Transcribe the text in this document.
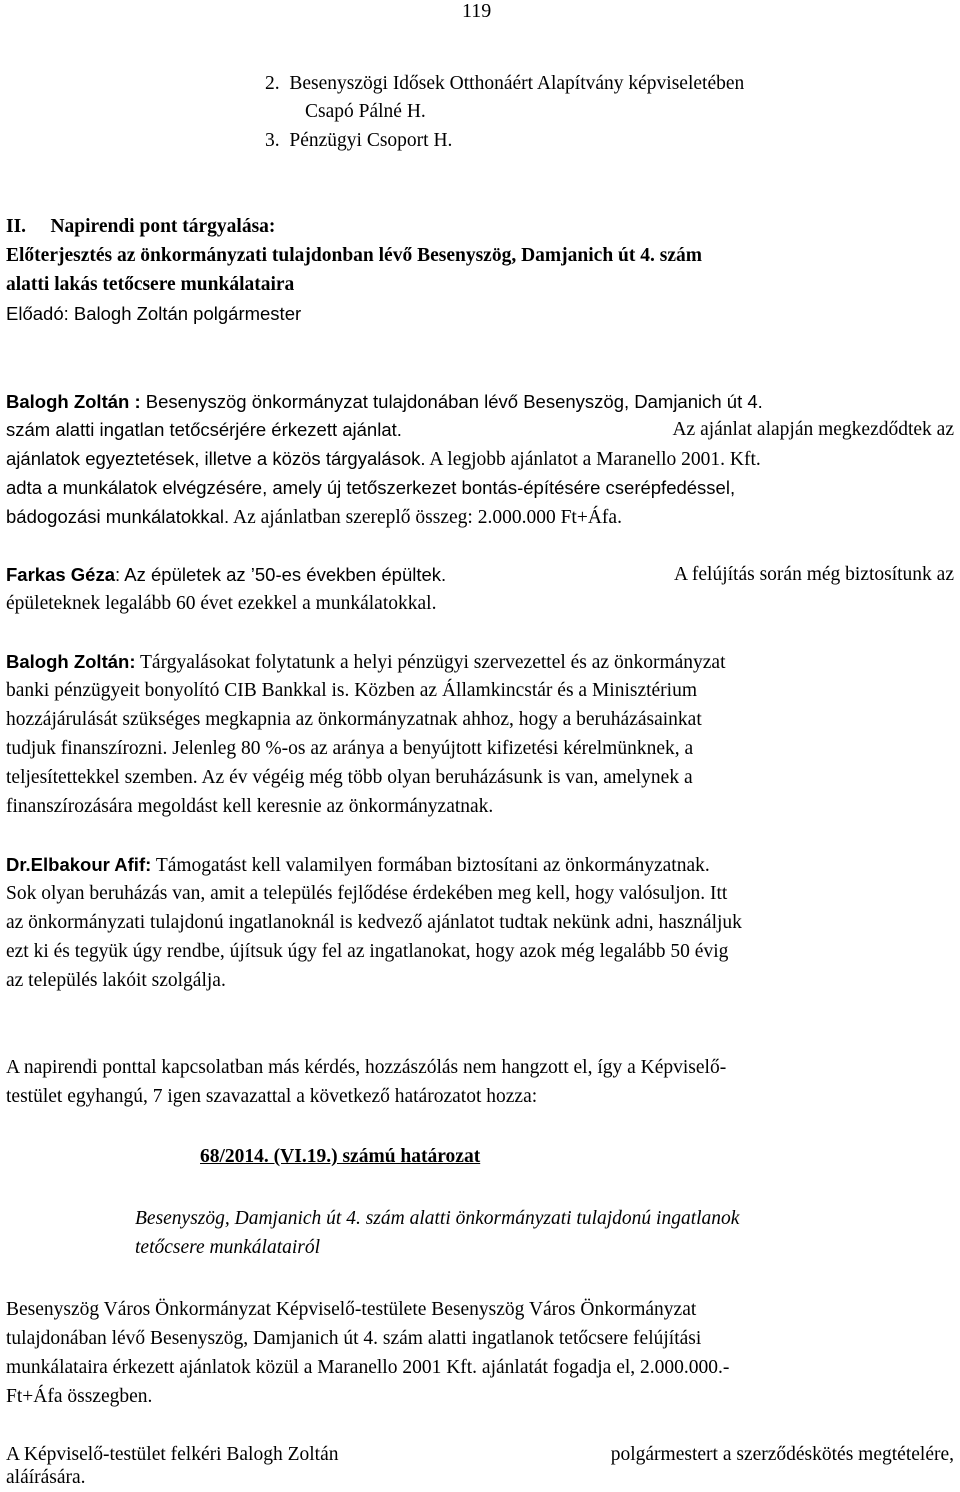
119
2. Besenyszögi Idősek Otthonáért Alapítvány képviseletében
Csapó Pálné H.
3. Pénzügyi Csoport H.
II. Napirendi pont tárgyalása:
Előterjesztés az önkormányzati tulajdonban lévő Besenyszög, Damjanich út 4. szám
alatti lakás tetőcsere munkálataira
Előadó: Balogh Zoltán polgármester
Balogh Zoltán : Besenyszög önkormányzat tulajdonában lévő Besenyszög, Damjanich út 4.
szám alatti ingatlan tetőcsérjére érkezett ajánlat.	Az ajánlat alapján megkezdődtek az
ajánlatok egyeztetések, illetve a közös tárgyalások. A legjobb ajánlatot a Maranello 2001. Kft.
adta a munkálatok elvégzésére, amely új tetőszerkezet bontás-építésére cserépfedéssel,
bádogozási munkálatokkal. Az ajánlatban szereplő összeg: 2.000.000 Ft+Áfa.
Farkas Géza: Az épületek az ’50-es években épültek.	A felújítás során még biztosítunk az
épületeknek legalább 60 évet ezekkel a munkálatokkal.
Balogh Zoltán: Tárgyalásokat folytatunk a helyi pénzügyi szervezettel és az önkormányzat
banki pénzügyeit bonyolító CIB Bankkal is. Közben az Államkincstár és a Minisztérium
hozzájárulását szükséges megkapnia az önkormányzatnak ahhoz, hogy a beruházásainkat
tudjuk finanszírozni. Jelenleg 80 %-os az aránya a benyújtott kifizetési kérelmünknek, a
teljesítettekkel szemben. Az év végéig még több olyan beruházásunk is van, amelynek a
finanszírozására megoldást kell keresnie az önkormányzatnak.
Dr.Elbakour Afif: Támogatást kell valamilyen formában biztosítani az önkormányzatnak.
Sok olyan beruházás van, amit a település fejlődése érdekében meg kell, hogy valósuljon. Itt
az önkormányzati tulajdonú ingatlanoknál is kedvező ajánlatot tudtak nekünk adni, használjuk
ezt ki és tegyük úgy rendbe, újítsuk úgy fel az ingatlanokat, hogy azok még legalább 50 évig
az település lakóit szolgálja.
A napirendi ponttal kapcsolatban más kérdés, hozzászólás nem hangzott el, így a Képviselő-
testület egyhangú, 7 igen szavazattal a következő határozatot hozza:
68/2014. (VI.19.) számú határozat
Besenyszög, Damjanich út 4. szám alatti önkormányzati tulajdonú ingatlanok
tetőcsere munkálatairól
Besenyszög Város Önkormányzat Képviselő-testülete Besenyszög Város Önkormányzat
tulajdonában lévő Besenyszög, Damjanich út 4. szám alatti ingatlanok tetőcsere felújítási
munkálataira érkezett ajánlatok közül a Maranello 2001 Kft. ajánlatát fogadja el, 2.000.000.-
Ft+Áfa összegben.
A Képviselő-testület felkéri Balogh Zoltán	polgármestert a szerződéskötés megtételére,
aláírására.
